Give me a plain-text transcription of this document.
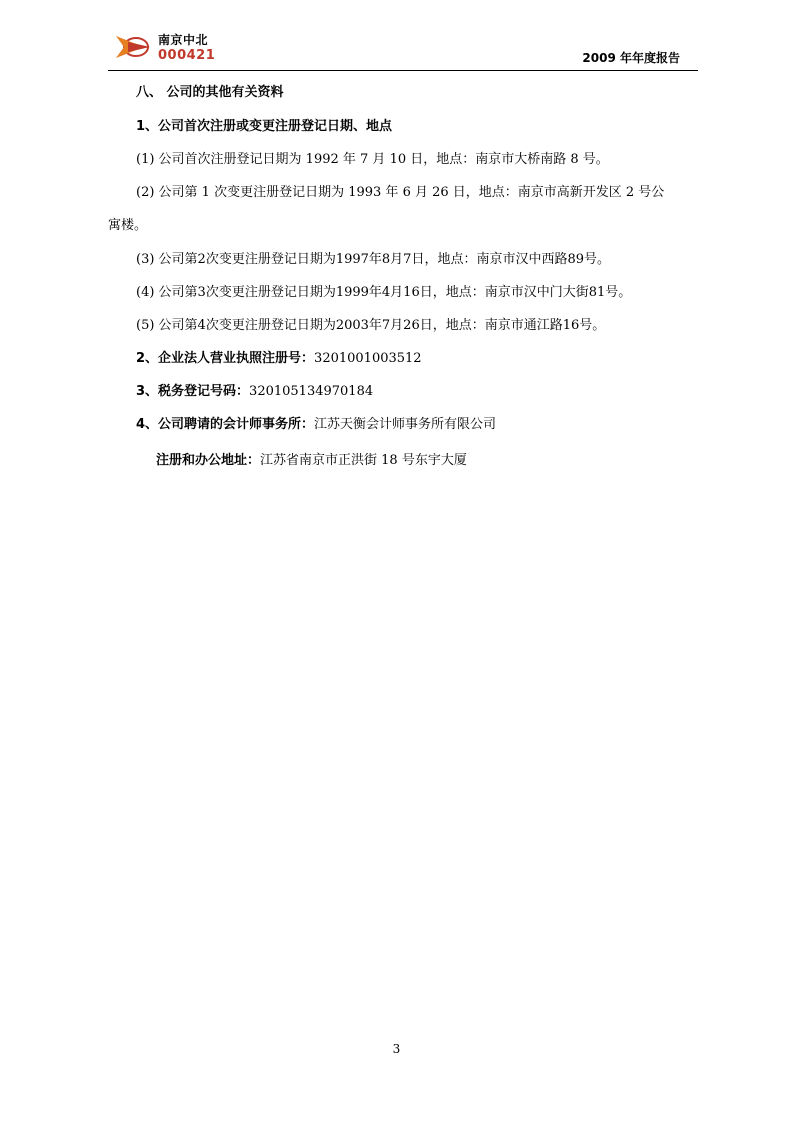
南京中北
000421	2009 年年度报告
八、 公司的其他有关资料
1、公司首次注册或变更注册登记日期、地点
(1) 公司首次注册登记日期为 1992 年 7 月 10 日，地点：南京市大桥南路 8 号。
(2) 公司第 1 次变更注册登记日期为 1993 年 6 月 26 日，地点：南京市高新开发区 2 号公
寓楼。
(3) 公司第2次变更注册登记日期为1997年8月7日，地点：南京市汉中西路89号。
(4) 公司第3次变更注册登记日期为1999年4月16日，地点：南京市汉中门大街81号。
(5) 公司第4次变更注册登记日期为2003年7月26日，地点：南京市通江路16号。
2、企业法人营业执照注册号：3201001003512
3、税务登记号码：320105134970184
4、公司聘请的会计师事务所：江苏天衡会计师事务所有限公司
注册和办公地址：江苏省南京市正洪街 18 号东宇大厦
3
